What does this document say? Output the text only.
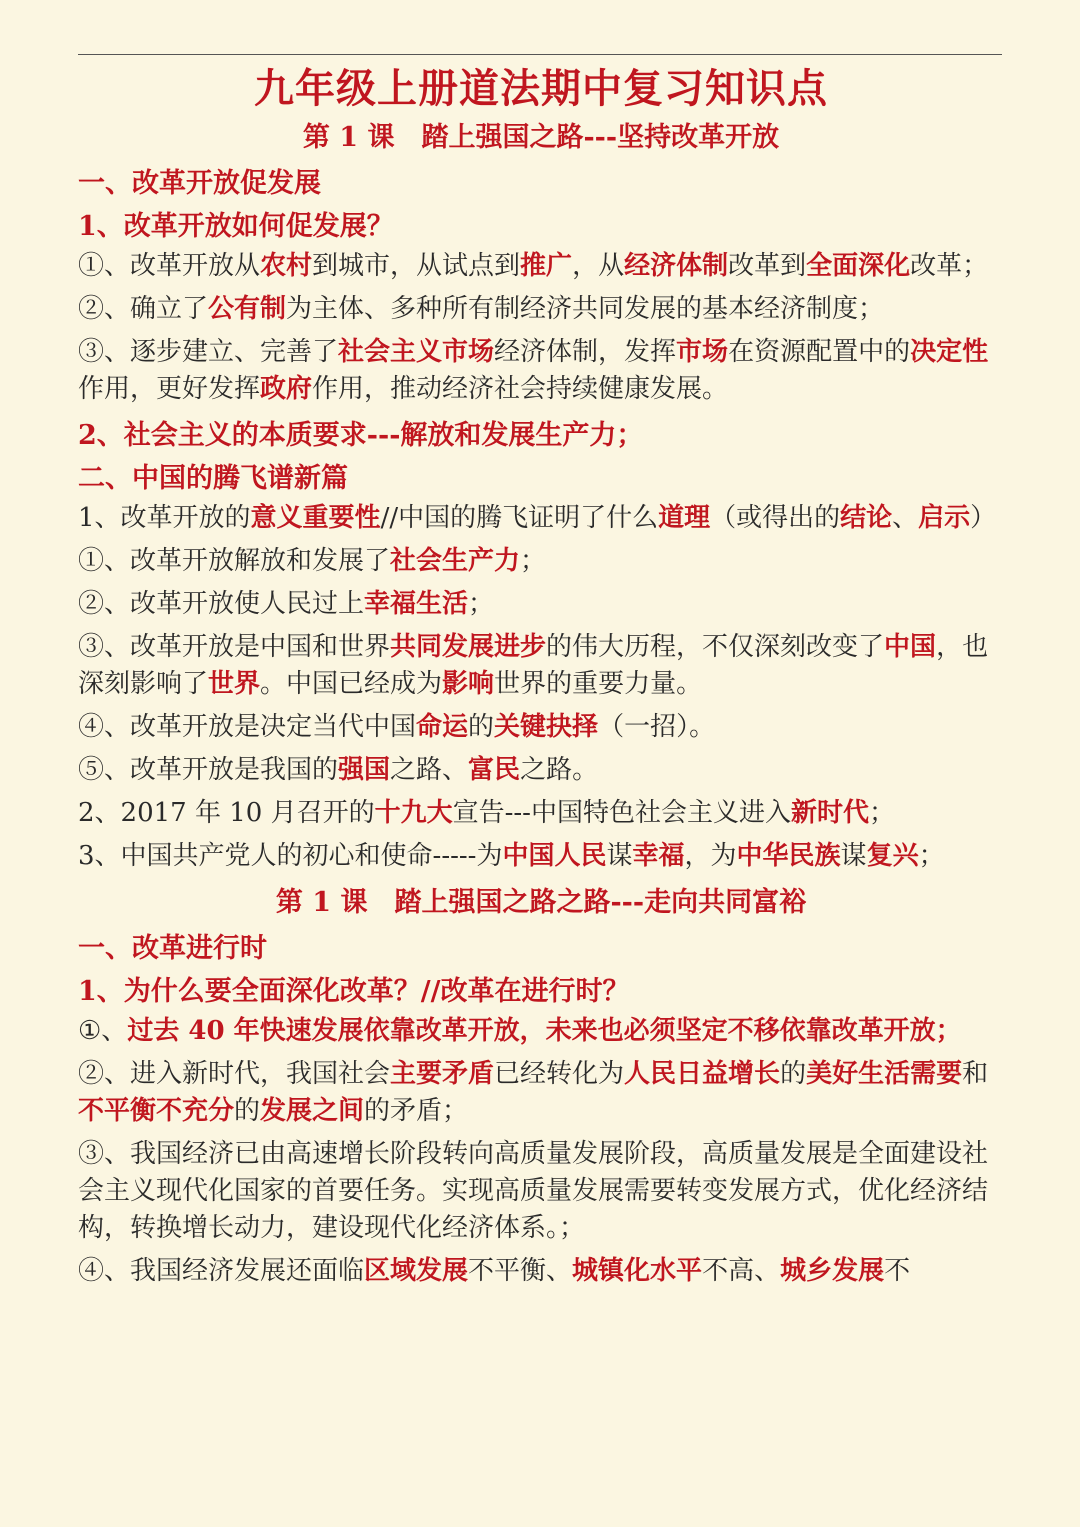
九年级上册道法期中复习知识点
第 1 课　踏上强国之路---坚持改革开放
一、改革开放促发展
1、改革开放如何促发展？
①、改革开放从农村到城市，从试点到推广，从经济体制改革到全面深化改革；
②、确立了公有制为主体、多种所有制经济共同发展的基本经济制度；
③、逐步建立、完善了社会主义市场经济体制，发挥市场在资源配置中的决定性作用，更好发挥政府作用，推动经济社会持续健康发展。
2、社会主义的本质要求---解放和发展生产力；
二、中国的腾飞谱新篇
1、改革开放的意义重要性//中国的腾飞证明了什么道理（或得出的结论、启示）
①、改革开放解放和发展了社会生产力；
②、改革开放使人民过上幸福生活；
③、改革开放是中国和世界共同发展进步的伟大历程，不仅深刻改变了中国，也深刻影响了世界。中国已经成为影响世界的重要力量。
④、改革开放是决定当代中国命运的关键抉择（一招）。
⑤、改革开放是我国的强国之路、富民之路。
2、2017 年 10 月召开的十九大宣告---中国特色社会主义进入新时代；
3、中国共产党人的初心和使命-----为中国人民谋幸福，为中华民族谋复兴；
第 1 课　踏上强国之路之路---走向共同富裕
一、改革进行时
1、为什么要全面深化改革？//改革在进行时？
①、过去 40 年快速发展依靠改革开放，未来也必须坚定不移依靠改革开放；
②、进入新时代，我国社会主要矛盾已经转化为人民日益增长的美好生活需要和不平衡不充分的发展之间的矛盾；
③、我国经济已由高速增长阶段转向高质量发展阶段，高质量发展是全面建设社会主义现代化国家的首要任务。实现高质量发展需要转变发展方式，优化经济结构，转换增长动力，建设现代化经济体系。；
④、我国经济发展还面临区域发展不平衡、城镇化水平不高、城乡发展不
